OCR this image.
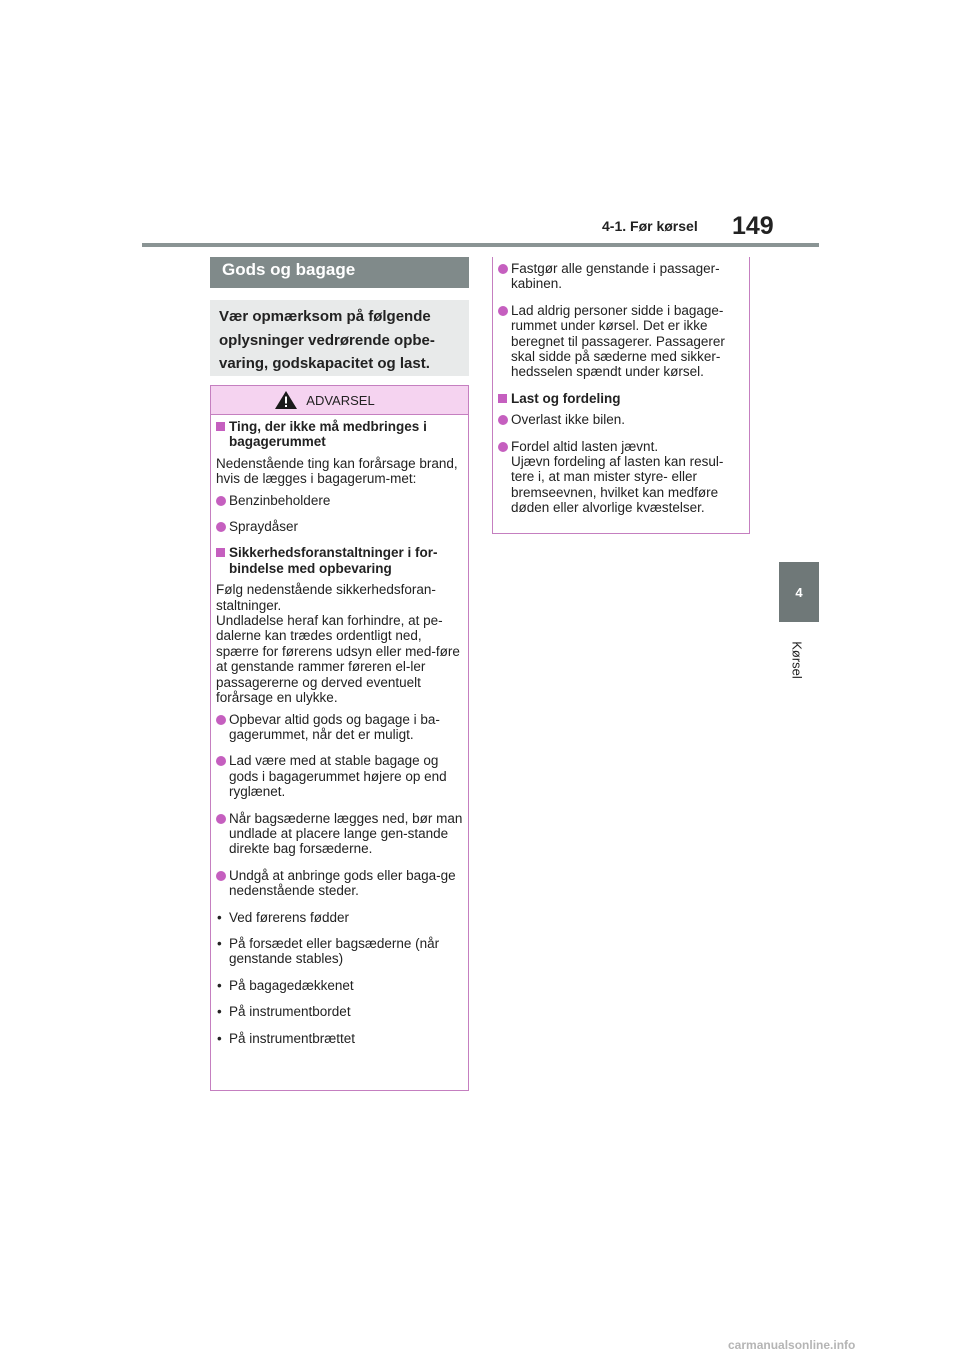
4-1. Før kørsel 149
4
Kørsel
Gods og bagage
Vær opmærksom på følgende oplysninger vedrørende opbe-varing, godskapacitet og last.
ADVARSEL
Ting, der ikke må medbringes i bagagerummet
Nedenstående ting kan forårsage brand, hvis de lægges i bagagerum-met:
Benzinbeholdere
Spraydåser
Sikkerhedsforanstaltninger i for-bindelse med opbevaring
Følg nedenstående sikkerhedsforan-staltninger.
Undladelse heraf kan forhindre, at pe-dalerne kan trædes ordentligt ned, spærre for førerens udsyn eller med-føre at genstande rammer føreren el-ler passagererne og derved eventuelt forårsage en ulykke.
Opbevar altid gods og bagage i ba-gagerummet, når det er muligt.
Lad være med at stable bagage og gods i bagagerummet højere op end ryglænet.
Når bagsæderne lægges ned, bør man undlade at placere lange gen-stande direkte bag forsæderne.
Undgå at anbringe gods eller baga-ge nedenstående steder.
• Ved førerens fødder
• På forsædet eller bagsæderne (når genstande stables)
• På bagagedækkenet
• På instrumentbordet
• På instrumentbrættet
Fastgør alle genstande i passager-kabinen.
Lad aldrig personer sidde i bagage-rummet under kørsel. Det er ikke beregnet til passagerer. Passagerer skal sidde på sæderne med sikker-hedsselen spændt under kørsel.
Last og fordeling
Overlast ikke bilen.
Fordel altid lasten jævnt.
Ujævn fordeling af lasten kan resul-tere i, at man mister styre- eller bremseevnen, hvilket kan medføre døden eller alvorlige kvæstelser.
carmanualsonline.info
